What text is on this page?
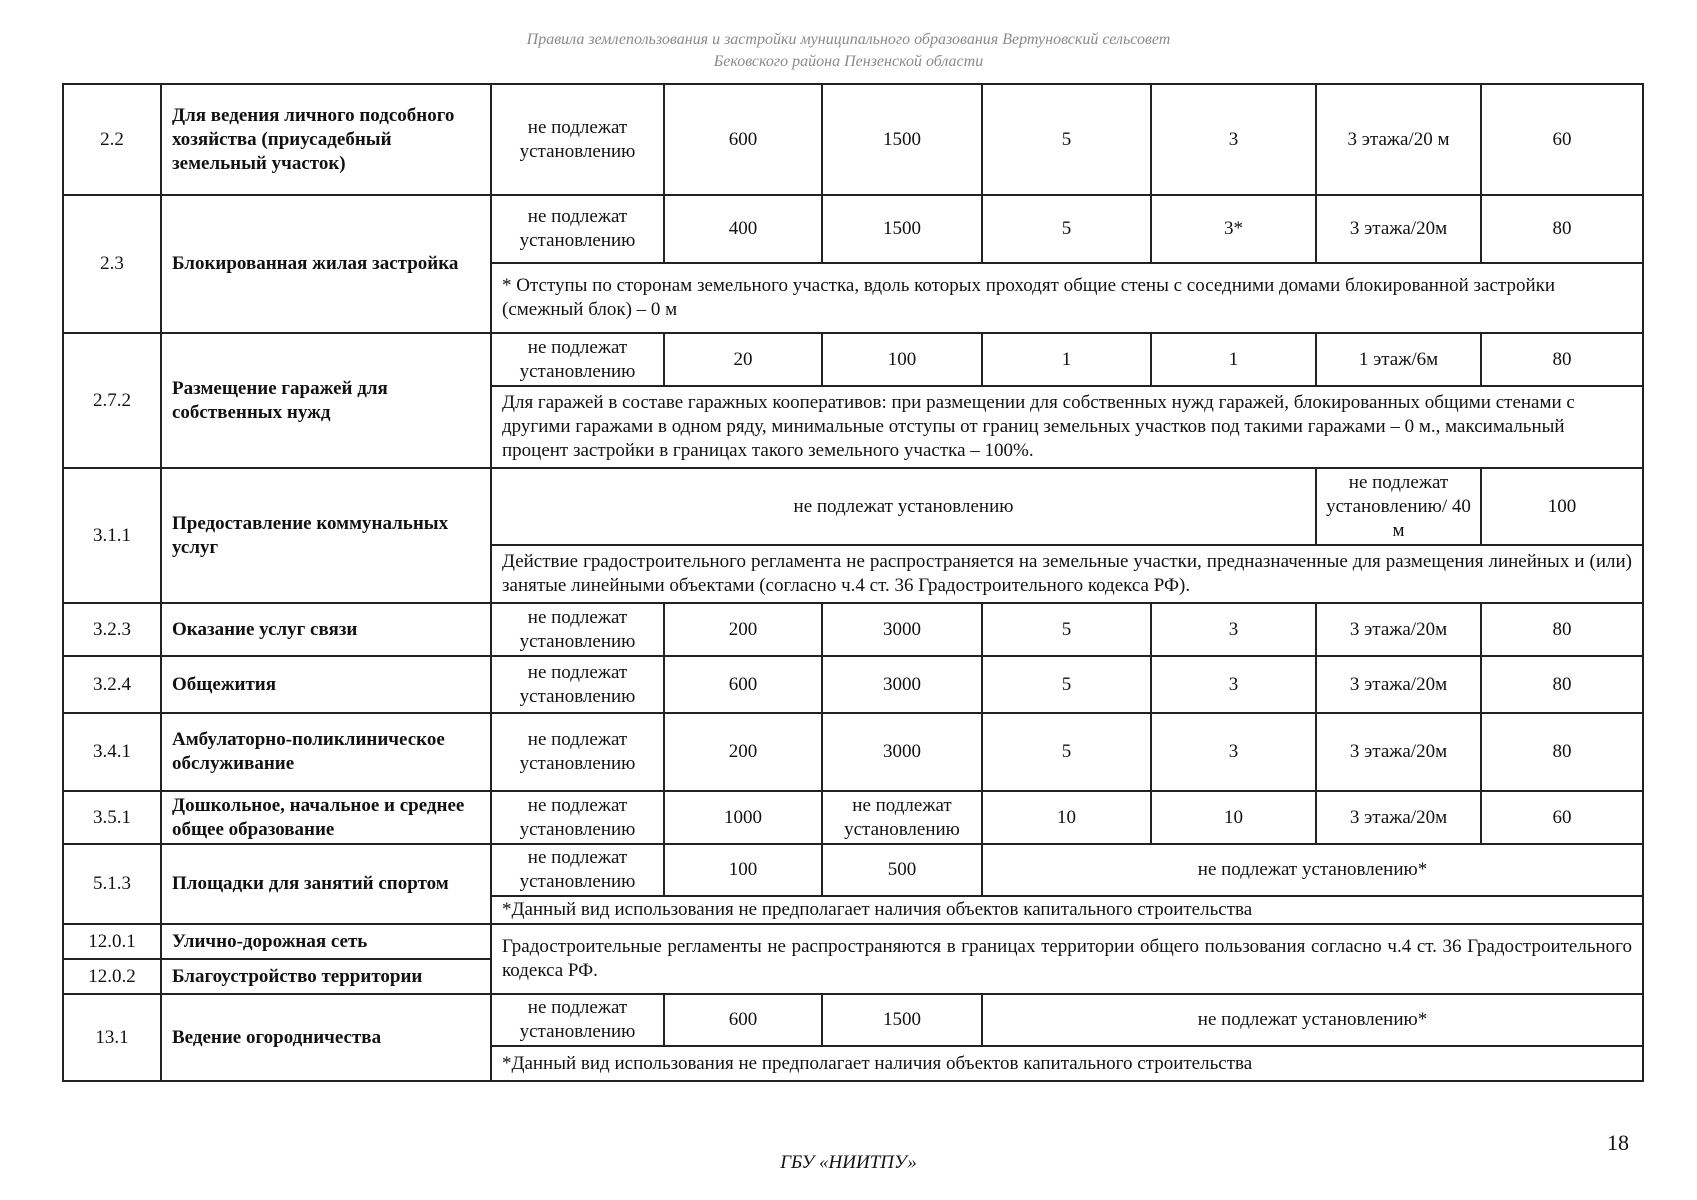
Правила землепользования и застройки муниципального образования Вертуновский сельсовет
Бековского района Пензенской области
2.2	Для ведения личного подсобного хозяйства (приусадебный земельный участок)	не подлежат установлению	600	1500	5	3	3 этажа/20 м	60
2.3	Блокированная жилая застройка	не подлежат установлению	400	1500	5	3*	3 этажа/20м	80
		* Отступы по сторонам земельного участка, вдоль которых проходят общие стены с соседними домами блокированной застройки (смежный блок) – 0 м						
2.7.2	Размещение гаражей для собственных нужд	не подлежат установлению	20	100	1	1	1 этаж/6м	80
		Для гаражей в составе гаражных кооперативов: при размещении для собственных нужд гаражей, блокированных общими стенами с другими гаражами в одном ряду, минимальные отступы от границ земельных участков под такими гаражами – 0 м., максимальный процент застройки в границах такого земельного участка – 100%.						
3.1.1	Предоставление коммунальных услуг	не подлежат установлению					не подлежат установлению/ 40 м	100
		Действие градостроительного регламента не распространяется на земельные участки, предназначенные для размещения линейных и (или) занятые линейными объектами (согласно ч.4 ст. 36 Градостроительного кодекса РФ).						
3.2.3	Оказание услуг связи	не подлежат установлению	200	3000	5	3	3 этажа/20м	80
3.2.4	Общежития	не подлежат установлению	600	3000	5	3	3 этажа/20м	80
3.4.1	Амбулаторно-поликлиническое обслуживание	не подлежат установлению	200	3000	5	3	3 этажа/20м	80
3.5.1	Дошкольное, начальное и среднее общее образование	не подлежат установлению	1000	не подлежат установлению	10	10	3 этажа/20м	60
5.1.3	Площадки для занятий спортом	не подлежат установлению	100	500	не подлежат установлению*			
		*Данный вид использования не предполагает наличия объектов капитального строительства						
12.0.1	Улично-дорожная сеть	Градостроительные регламенты не распространяются в границах территории общего пользования согласно ч.4 ст. 36 Градостроительного кодекса РФ.						
12.0.2	Благоустройство территории							
13.1	Ведение огородничества	не подлежат установлению	600	1500	не подлежат установлению*			
		*Данный вид использования не предполагает наличия объектов капитального строительства						
18
ГБУ «НИИТПУ»
